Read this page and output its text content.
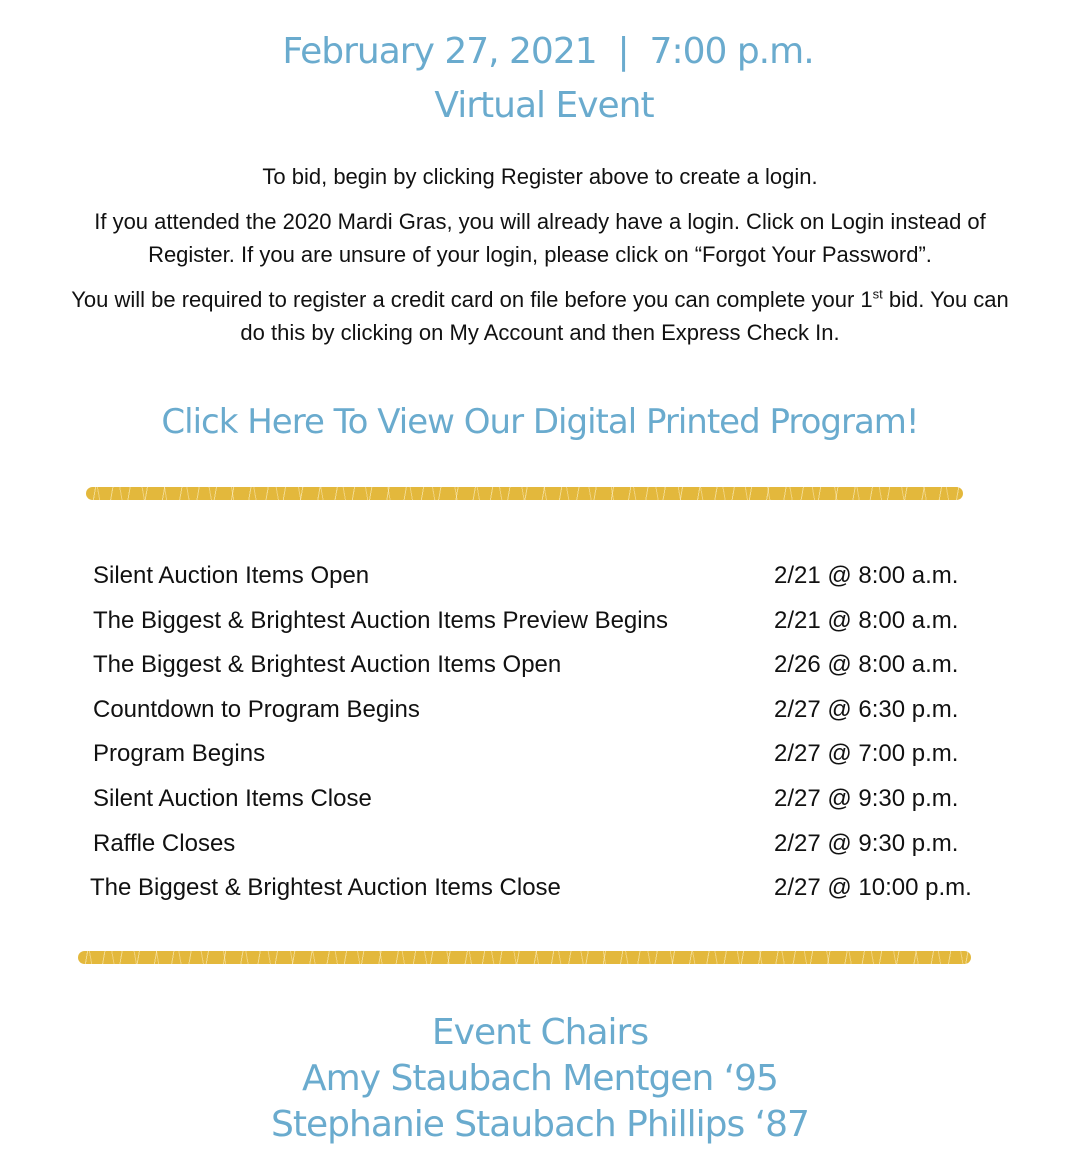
February 27, 2021  |  7:00 p.m.
Virtual Event
To bid, begin by clicking Register above to create a login.
If you attended the 2020 Mardi Gras, you will already have a login. Click on Login instead of
Register. If you are unsure of your login, please click on “Forgot Your Password”.
You will be required to register a credit card on file before you can complete your 1st bid. You can
do this by clicking on My Account and then Express Check In.
Click Here To View Our Digital Printed Program!
Silent Auction Items Open	2/21 @ 8:00 a.m.
The Biggest & Brightest Auction Items Preview Begins	2/21 @ 8:00 a.m.
The Biggest & Brightest Auction Items Open	2/26 @ 8:00 a.m.
Countdown to Program Begins	2/27 @ 6:30 p.m.
Program Begins	2/27 @ 7:00 p.m.
Silent Auction Items Close	2/27 @ 9:30 p.m.
Raffle Closes	2/27 @ 9:30 p.m.
The Biggest & Brightest Auction Items Close	2/27 @ 10:00 p.m.
Event Chairs
Amy Staubach Mentgen ‘95
Stephanie Staubach Phillips ‘87
